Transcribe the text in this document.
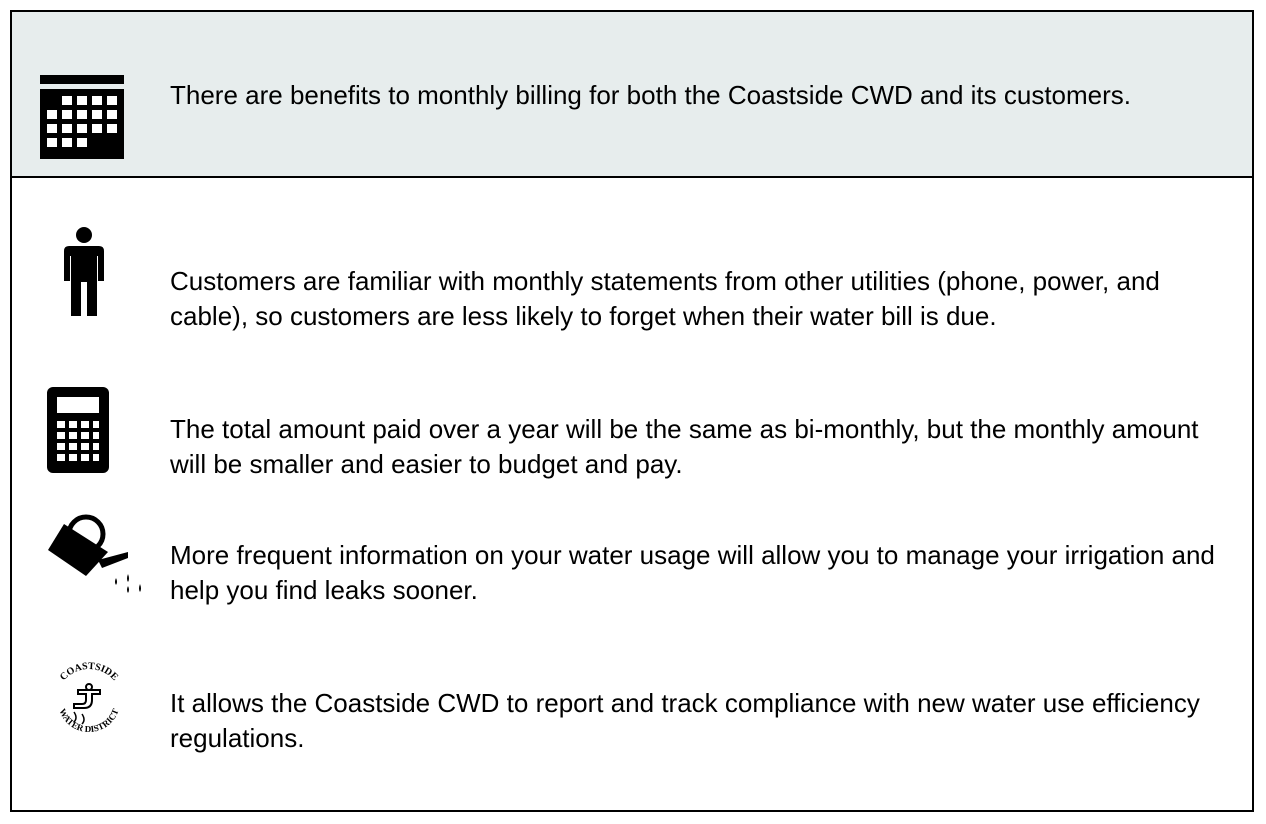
There are benefits to monthly billing for both the Coastside CWD and its customers.
Customers are familiar with monthly statements from other utilities (phone, power, and cable), so customers are less likely to forget when their water bill is due.
The total amount paid over a year will be the same as bi-monthly, but the monthly amount will be smaller and easier to budget and pay.
More frequent information on your water usage will allow you to manage your irrigation and help you find leaks sooner.
COASTSIDE
WATER DISTRICT It allows the Coastside CWD to report and track compliance with new water use efficiency regulations.
